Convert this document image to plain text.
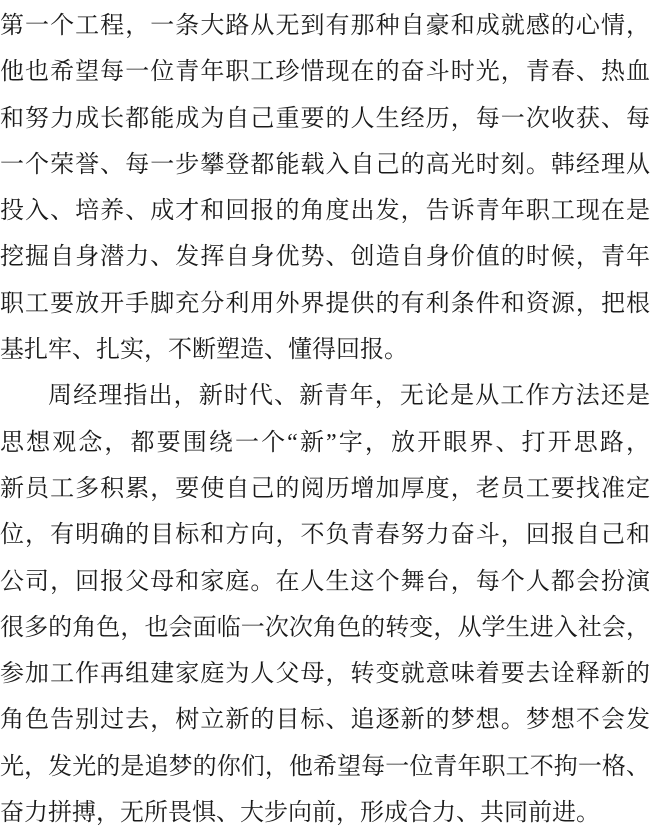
第一个工程，一条大路从无到有那种自豪和成就感的心情，
他也希望每一位青年职工珍惜现在的奋斗时光，青春、热血
和努力成长都能成为自己重要的人生经历，每一次收获、每
一个荣誉、每一步攀登都能载入自己的高光时刻。韩经理从
投入、培养、成才和回报的角度出发，告诉青年职工现在是
挖掘自身潜力、发挥自身优势、创造自身价值的时候，青年
职工要放开手脚充分利用外界提供的有利条件和资源，把根
基扎牢、扎实，不断塑造、懂得回报。
周经理指出，新时代、新青年，无论是从工作方法还是
思想观念，都要围绕一个“新”字，放开眼界、打开思路，
新员工多积累，要使自己的阅历增加厚度，老员工要找准定
位，有明确的目标和方向，不负青春努力奋斗，回报自己和
公司，回报父母和家庭。在人生这个舞台，每个人都会扮演
很多的角色，也会面临一次次角色的转变，从学生进入社会，
参加工作再组建家庭为人父母，转变就意味着要去诠释新的
角色告别过去，树立新的目标、追逐新的梦想。梦想不会发
光，发光的是追梦的你们，他希望每一位青年职工不拘一格、
奋力拼搏，无所畏惧、大步向前，形成合力、共同前进。
